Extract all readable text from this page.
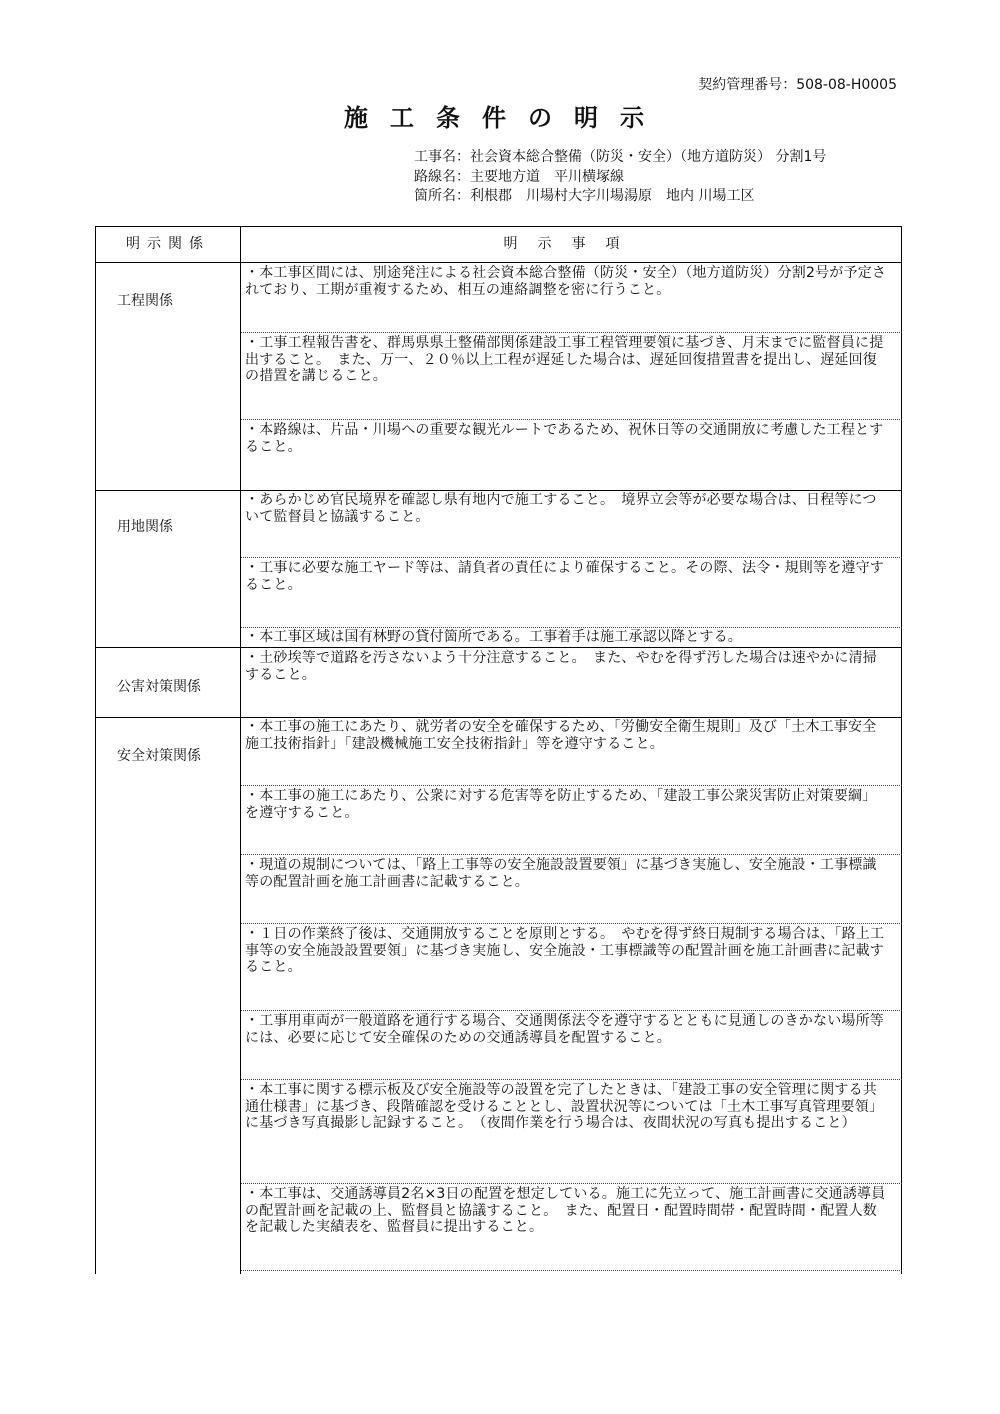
契約管理番号：508-08-H0005
施工条件の明示
工事名：社会資本総合整備（防災・安全）（地方道防災） 分割1号
路線名：主要地方道　平川横塚線
箇所名：利根郡　川場村大字川場湯原　地内 川場工区
明示関係	明示事項
工程関係
・本工事区間には、別途発注による社会資本総合整備（防災・安全）（地方道防災）分割2号が予定されており、工期が重複するため、相互の連絡調整を密に行うこと。
・工事工程報告書を、群馬県県土整備部関係建設工事工程管理要領に基づき、月末までに監督員に提出すること。　また、万一、２０％以上工程が遅延した場合は、遅延回復措置書を提出し、遅延回復の措置を講じること。
・本路線は、片品・川場への重要な観光ルートであるため、祝休日等の交通開放に考慮した工程とすること。
用地関係
・あらかじめ官民境界を確認し県有地内で施工すること。　境界立会等が必要な場合は、日程等について監督員と協議すること。
・工事に必要な施工ヤード等は、請負者の責任により確保すること。その際、法令・規則等を遵守すること。
・本工事区域は国有林野の貸付箇所である。工事着手は施工承認以降とする。
公害対策関係
・土砂埃等で道路を汚さないよう十分注意すること。　また、やむを得ず汚した場合は速やかに清掃すること。
安全対策関係
・本工事の施工にあたり、就労者の安全を確保するため、「労働安全衛生規則」及び「土木工事安全施工技術指針」「建設機械施工安全技術指針」等を遵守すること。
・本工事の施工にあたり、公衆に対する危害等を防止するため、「建設工事公衆災害防止対策要綱」を遵守すること。
・現道の規制については、「路上工事等の安全施設設置要領」に基づき実施し、安全施設・工事標識等の配置計画を施工計画書に記載すること。
・１日の作業終了後は、交通開放することを原則とする。　やむを得ず終日規制する場合は、「路上工事等の安全施設設置要領」に基づき実施し、安全施設・工事標識等の配置計画を施工計画書に記載すること。
・工事用車両が一般道路を通行する場合、交通関係法令を遵守するとともに見通しのきかない場所等には、必要に応じて安全確保のための交通誘導員を配置すること。
・本工事に関する標示板及び安全施設等の設置を完了したときは、「建設工事の安全管理に関する共通仕様書」に基づき、段階確認を受けることとし、設置状況等については「土木工事写真管理要領」に基づき写真撮影し記録すること。　（夜間作業を行う場合は、夜間状況の写真も提出すること）
・本工事は、交通誘導員2名×3日の配置を想定している。施工に先立って、施工計画書に交通誘導員の配置計画を記載の上、監督員と協議すること。　また、配置日・配置時間帯・配置時間・配置人数を記載した実績表を、監督員に提出すること。
